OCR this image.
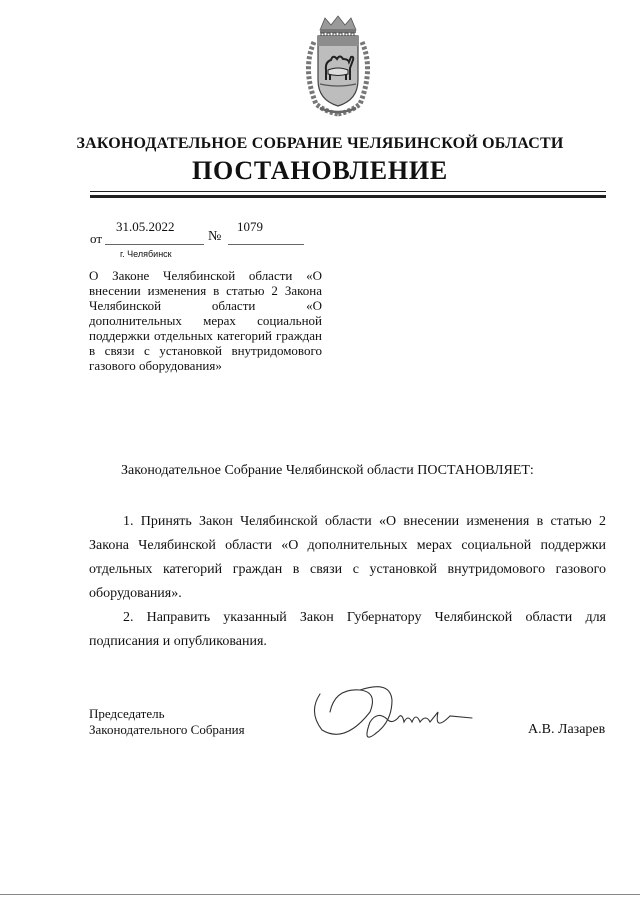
ЗАКОНОДАТЕЛЬНОЕ СОБРАНИЕ ЧЕЛЯБИНСКОЙ ОБЛАСТИ
ПОСТАНОВЛЕНИЕ
от
31.05.2022
№
1079
г. Челябинск
О Законе Челябинской области «О внесении изменения в статью 2 Закона Челябинской области «О дополнительных мерах социальной поддержки отдельных категорий граждан в связи с установкой внутридомового газового оборудования»
Законодательное Собрание Челябинской области ПОСТАНОВЛЯЕТ:
1. Принять Закон Челябинской области «О внесении изменения в статью 2 Закона Челябинской области «О дополнительных мерах социальной поддержки отдельных категорий граждан в связи с установкой внутридомового газового оборудования».
2. Направить указанный Закон Губернатору Челябинской области для подписания и опубликования.
Председатель
Законодательного Собрания	А.В. Лазарев
